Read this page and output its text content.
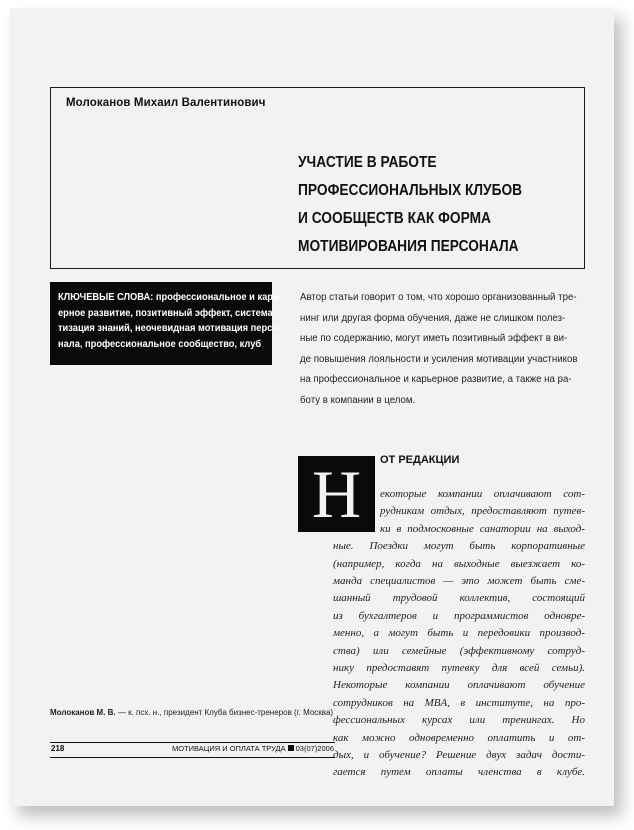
Молоканов Михаил Валентинович
УЧАСТИЕ В РАБОТЕ
ПРОФЕССИОНАЛЬНЫХ КЛУБОВ
И СООБЩЕСТВ КАК ФОРМА
МОТИВИРОВАНИЯ ПЕРСОНАЛА
КЛЮЧЕВЫЕ СЛОВА: профессиональное и карь-
ерное развитие, позитивный эффект, система-
тизация знаний, неочевидная мотивация персо-
нала, профессиональное сообщество, клуб
Автор статьи говорит о том, что хорошо организованный тре-
нинг или другая форма обучения, даже не слишком полез-
ные по содержанию, могут иметь позитивный эффект в ви-
де повышения лояльности и усиления мотивации участников
на профессиональное и карьерное развитие, а также на ра-
боту в компании в целом.
Н	ОТ РЕДАКЦИИ
екоторые компании оплачивают сот-
рудникам отдых, предоставляют путев-
ки в подмосковные санатории на выход-
ные. Поездки могут быть корпоративные
(например, когда на выходные выезжает ко-
манда специалистов — это может быть сме-
шанный трудовой коллектив, состоящий
из бухгалтеров и программистов одновре-
менно, а могут быть и передовики производ-
ства) или семейные (эффективному сотруд-
нику предоставят путевку для всей семьи).
Некоторые компании оплачивают обучение
сотрудников на MBA, в институте, на про-
фессиональных курсах или тренингах. Но
как можно одновременно оплатить и от-
дых, и обучение? Решение двух задач дости-
гается путем оплаты членства в клубе.
Молоканов М. В. — к. псх. н., президент Клуба бизнес-тренеров (г. Москва)
218	МОТИВАЦИЯ И ОПЛАТА ТРУДА 03(07)2006
